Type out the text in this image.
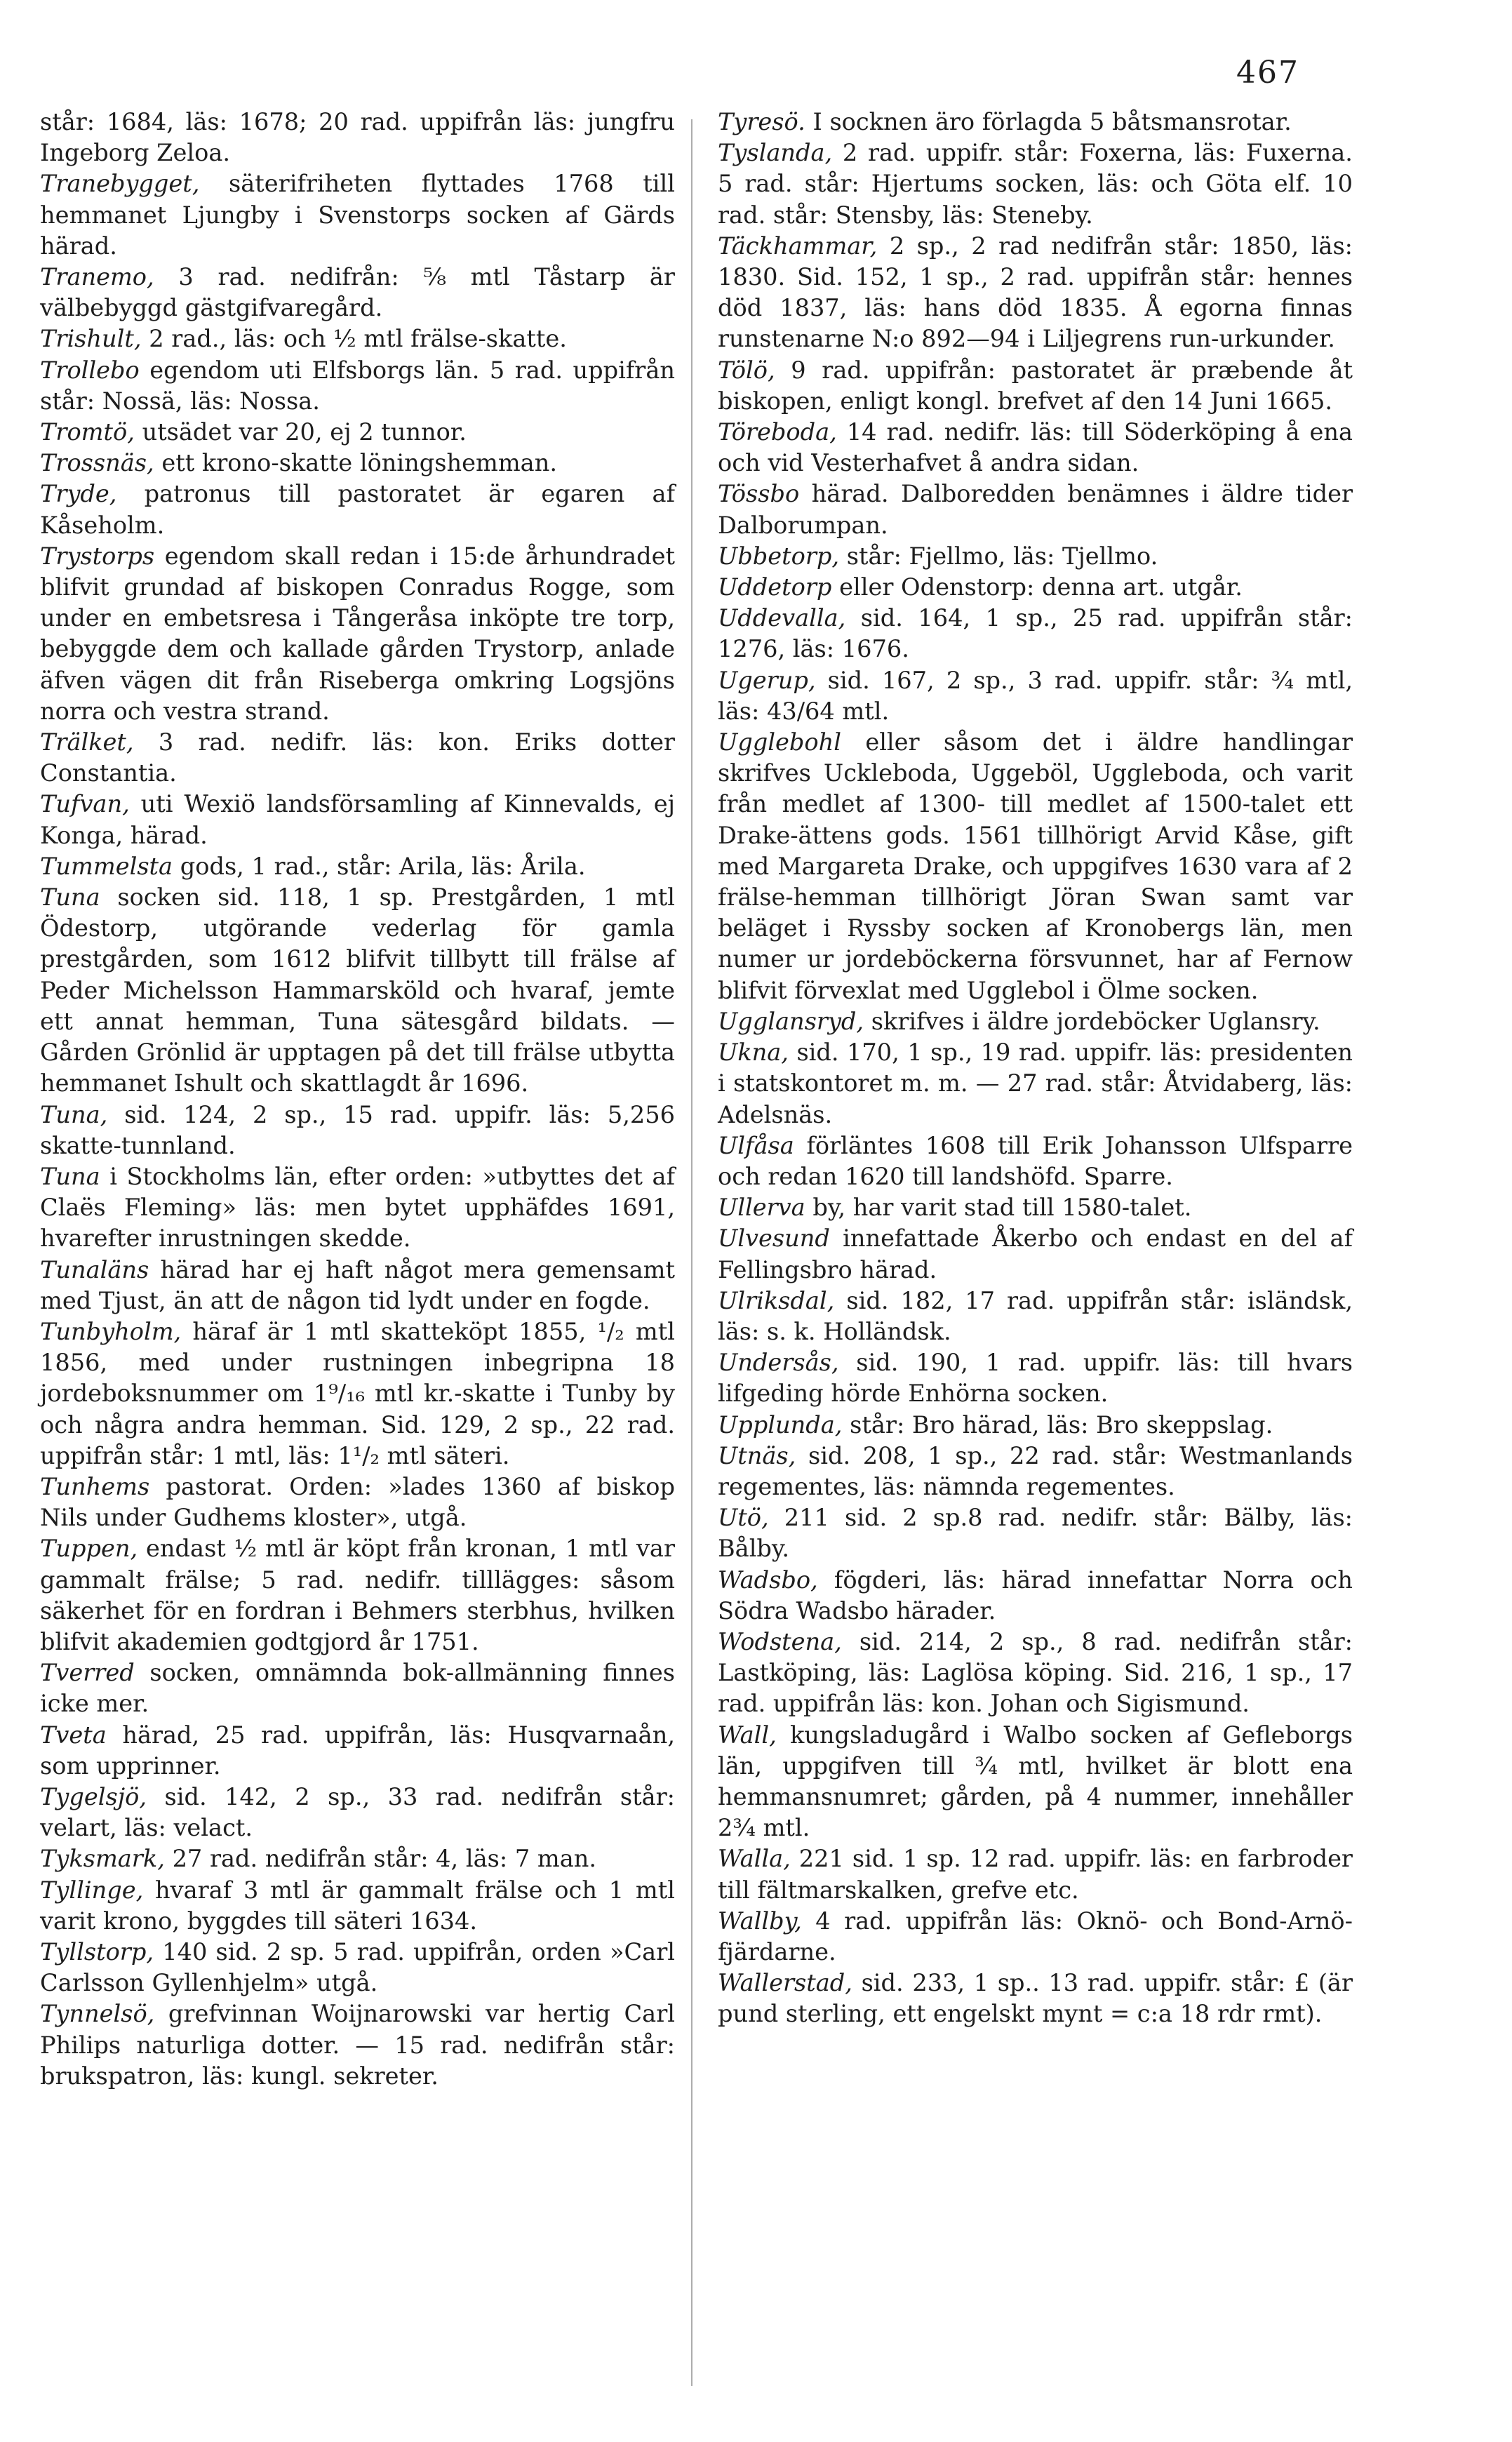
467

står: 1684, läs: 1678; 20 rad. uppifrån läs: jungfru Ingeborg Zeloa.

Tranebygget, säterifriheten flyttades 1768 till hemmanet Ljungby i Svenstorps socken af Gärds härad.

Tranemo, 3 rad. nedifrån: ⁵⁄₈ mtl Tåstarp är välbebyggd gästgifvaregård.

Trishult, 2 rad., läs: och ¹⁄₂ mtl frälse-skatte.

Trollebo egendom uti Elfsborgs län. 5 rad. uppifrån står: Nossä, läs: Nossa.

Tromtö, utsädet var 20, ej 2 tunnor.

Trossnäs, ett krono-skatte löningshemman.

Tryde, patronus till pastoratet är egaren af Kåseholm.

Trystorps egendom skall redan i 15:de århundradet blifvit grundad af biskopen Conradus Rogge, som under en embetsresa i Tångeråsa inköpte tre torp, bebyggde dem och kallade gården Trystorp, anlade äfven vägen dit från Riseberga omkring Logsjöns norra och vestra strand.

Trälket, 3 rad. nedifr. läs: kon. Eriks dotter Constantia.

Tufvan, uti Wexiö landsförsamling af Kinnevalds, ej Konga, härad.

Tummelsta gods, 1 rad., står: Arila, läs: Årila.

Tuna socken sid. 118, 1 sp. Prestgården, 1 mtl Ödestorp, utgörande vederlag för gamla prestgården, som 1612 blifvit tillbytt till frälse af Peder Michelsson Hammarsköld och hvaraf, jemte ett annat hemman, Tuna sätesgård bildats. — Gården Grönlid är upptagen på det till frälse utbytta hemmanet Ishult och skattlagdt år 1696.

Tuna, sid. 124, 2 sp., 15 rad. uppifr. läs: 5,256 skatte-tunnland.

Tuna i Stockholms län, efter orden: »utbyttes det af Claës Fleming» läs: men bytet upphäfdes 1691, hvarefter inrustningen skedde.

Tunaläns härad har ej haft något mera gemensamt med Tjust, än att de någon tid lydt under en fogde.

Tunbyholm, häraf är 1 mtl skatteköpt 1855, ¹/₂ mtl 1856, med under rustningen inbegripna 18 jordeboksnummer om 1⁹/₁₆ mtl kr.-skatte i Tunby by och några andra hemman. Sid. 129, 2 sp., 22 rad. uppifrån står: 1 mtl, läs: 1¹/₂ mtl säteri.

Tunhems pastorat. Orden: »lades 1360 af biskop Nils under Gudhems kloster», utgå.

Tuppen, endast ¹⁄₂ mtl är köpt från kronan, 1 mtl var gammalt frälse; 5 rad. nedifr. tilllägges: såsom säkerhet för en fordran i Behmers sterbhus, hvilken blifvit akademien godtgjord år 1751.

Tverred socken, omnämnda bok-allmänning finnes icke mer.

Tveta härad, 25 rad. uppifrån, läs: Husqvarnaån, som upprinner.

Tygelsjö, sid. 142, 2 sp., 33 rad. nedifrån står: velart, läs: velact.

Tyksmark, 27 rad. nedifrån står: 4, läs: 7 man.

Tyllinge, hvaraf 3 mtl är gammalt frälse och 1 mtl varit krono, byggdes till säteri 1634.

Tyllstorp, 140 sid. 2 sp. 5 rad. uppifrån, orden »Carl Carlsson Gyllenhjelm» utgå.

Tynnelsö, grefvinnan Woijnarowski var hertig Carl Philips naturliga dotter. — 15 rad. nedifrån står: brukspatron, läs: kungl. sekreter.

Tyresö. I socknen äro förlagda 5 båtsmansrotar.

Tyslanda, 2 rad. uppifr. står: Foxerna, läs: Fuxerna. 5 rad. står: Hjertums socken, läs: och Göta elf. 10 rad. står: Stensby, läs: Steneby.

Täckhammar, 2 sp., 2 rad nedifrån står: 1850, läs: 1830. Sid. 152, 1 sp., 2 rad. uppifrån står: hennes död 1837, läs: hans död 1835. Å egorna finnas runstenarne N:o 892—94 i Liljegrens run-urkunder.

Tölö, 9 rad. uppifrån: pastoratet är præbende åt biskopen, enligt kongl. brefvet af den 14 Juni 1665.

Töreboda, 14 rad. nedifr. läs: till Söderköping å ena och vid Vesterhafvet å andra sidan.

Tössbo härad. Dalboredden benämnes i äldre tider Dalborumpan.

Ubbetorp, står: Fjellmo, läs: Tjellmo.

Uddetorp eller Odenstorp: denna art. utgår.

Uddevalla, sid. 164, 1 sp., 25 rad. uppifrån står: 1276, läs: 1676.

Ugerup, sid. 167, 2 sp., 3 rad. uppifr. står: ³⁄₄ mtl, läs: 43/64 mtl.

Ugglebohl eller såsom det i äldre handlingar skrifves Uckleboda, Uggeböl, Uggleboda, och varit från medlet af 1300- till medlet af 1500-talet ett Drake-ättens gods. 1561 tillhörigt Arvid Kåse, gift med Margareta Drake, och uppgifves 1630 vara af 2 frälse-hemman tillhörigt Jöran Swan samt var beläget i Ryssby socken af Kronobergs län, men numer ur jordeböckerna försvunnet, har af Fernow blifvit förvexlat med Ugglebol i Ölme socken.

Ugglansryd, skrifves i äldre jordeböcker Uglansry.

Ukna, sid. 170, 1 sp., 19 rad. uppifr. läs: presidenten i statskontoret m. m. — 27 rad. står: Åtvidaberg, läs: Adelsnäs.

Ulfåsa förläntes 1608 till Erik Johansson Ulfsparre och redan 1620 till landshöfd. Sparre.

Ullerva by, har varit stad till 1580-talet.

Ulvesund innefattade Åkerbo och endast en del af Fellingsbro härad.

Ulriksdal, sid. 182, 17 rad. uppifrån står: isländsk, läs: s. k. Holländsk.

Undersås, sid. 190, 1 rad. uppifr. läs: till hvars lifgeding hörde Enhörna socken.

Upplunda, står: Bro härad, läs: Bro skeppslag.

Utnäs, sid. 208, 1 sp., 22 rad. står: Westmanlands regementes, läs: nämnda regementes.

Utö, 211 sid. 2 sp.8 rad. nedifr. står: Bälby, läs: Bålby.

Wadsbo, fögderi, läs: härad innefattar Norra och Södra Wadsbo härader.

Wodstena, sid. 214, 2 sp., 8 rad. nedifrån står: Lastköping, läs: Laglösa köping. Sid. 216, 1 sp., 17 rad. uppifrån läs: kon. Johan och Sigismund.

Wall, kungsladugård i Walbo socken af Gefleborgs län, uppgifven till ³⁄₄ mtl, hvilket är blott ena hemmansnumret; gården, på 4 nummer, innehåller 2³⁄₄ mtl.

Walla, 221 sid. 1 sp. 12 rad. uppifr. läs: en farbroder till fältmarskalken, grefve etc.

Wallby, 4 rad. uppifrån läs: Oknö- och Bond-Arnö-fjärdarne.

Wallerstad, sid. 233, 1 sp.. 13 rad. uppifr. står: £ (är pund sterling, ett engelskt mynt = c:a 18 rdr rmt).
